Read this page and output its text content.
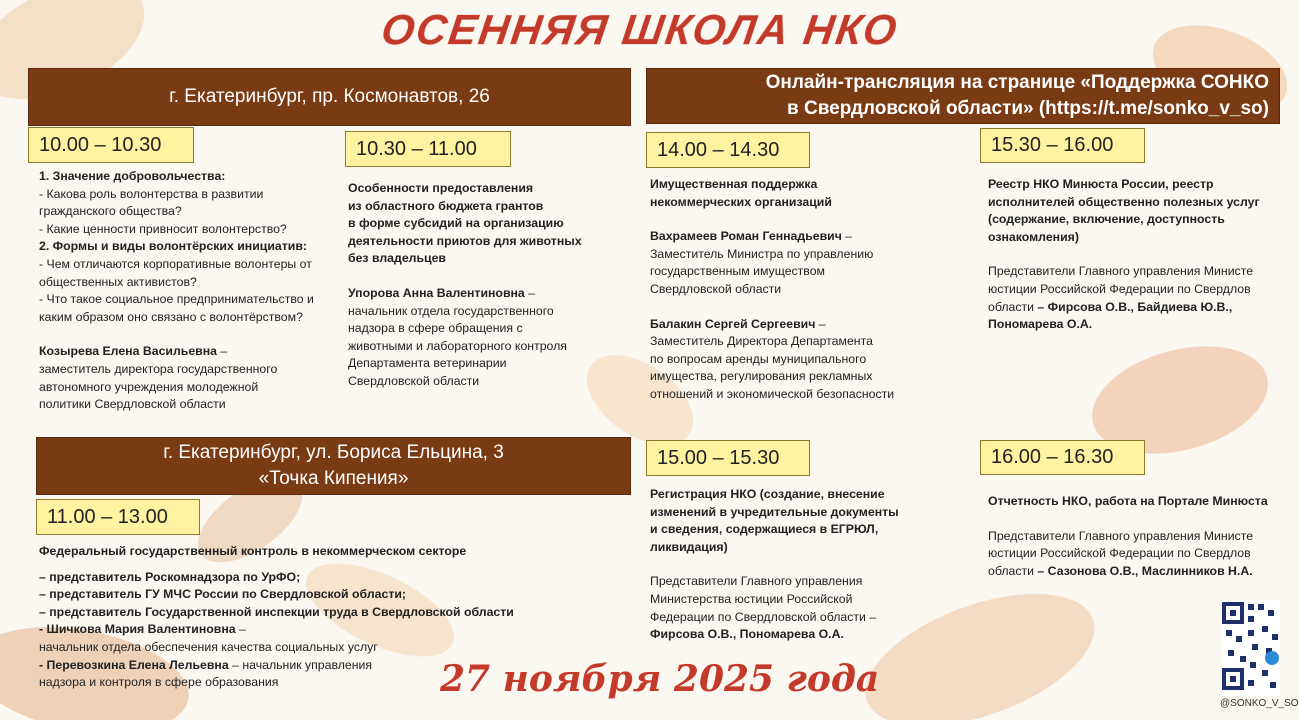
ОСЕННЯЯ ШКОЛА НКО
г. Екатеринбург, пр. Космонавтов, 26
10.00 – 10.30
1. Значение добровольчества:
- Какова роль волонтерства в развитии
гражданского общества?
- Какие ценности привносит волонтерство?
2. Формы и виды волонтёрских инициатив:
- Чем отличаются корпоративные волонтеры от
общественных активистов?
- Что такое социальное предпринимательство и
каким образом оно связано с волонтёрством?
Козырева Елена Васильевна –
заместитель директора государственного
автономного учреждения молодежной
политики Свердловской области
10.30 – 11.00
Особенности предоставления
из областного бюджета грантов
в форме субсидий на организацию
деятельности приютов для животных
без владельцев
Упорова Анна Валентиновна –
начальник отдела государственного
надзора в сфере обращения с
животными и лабораторного контроля
Департамента ветеринарии
Свердловской области
г. Екатеринбург, ул. Бориса Ельцина, 3
«Точка Кипения»
11.00 – 13.00
Федеральный государственный контроль в некоммерческом секторе
– представитель Роскомнадзора по УрФО;
– представитель ГУ МЧС России по Свердловской области;
– представитель Государственной инспекции труда в Свердловской области
- Шичкова Мария Валентиновна –
начальник отдела обеспечения качества социальных услуг
- Перевозкина Елена Лельевна – начальник управления
надзора и контроля в сфере образования
Онлайн-трансляция на странице «Поддержка СОНКО
в Свердловской области» (https://t.me/sonko_v_so)
14.00 – 14.30
Имущественная поддержка
некоммерческих организаций
Вахрамеев Роман Геннадьевич –
Заместитель Министра по управлению
государственным имуществом
Свердловской области
Балакин Сергей Сергеевич –
Заместитель Директора Департамента
по вопросам аренды муниципального
имущества, регулирования рекламных
отношений и экономической безопасности
15.30 – 16.00
Реестр НКО Минюста России, реестр
исполнителей общественно полезных услуг
(содержание, включение, доступность
ознакомления)
Представители Главного управления Министе
юстиции Российской Федерации по Свердлов
области – Фирсова О.В., Байдиева Ю.В.,
Пономарева О.А.
15.00 – 15.30
Регистрация НКО (создание, внесение
изменений в учредительные документы
и сведения, содержащиеся в ЕГРЮЛ,
ликвидация)
Представители Главного управления
Министерства юстиции Российской
Федерации по Свердловской области –
Фирсова О.В., Пономарева О.А.
16.00 – 16.30
Отчетность НКО, работа на Портале Минюста
Представители Главного управления Министе
юстиции Российской Федерации по Свердлов
области – Сазонова О.В., Маслинников Н.А.
27 ноября 2025 года
@SONKO_V_SO
